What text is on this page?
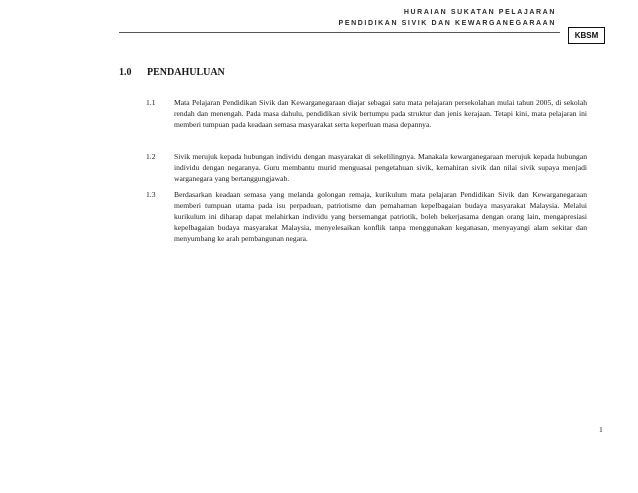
HURAIAN SUKATAN PELAJARAN
PENDIDIKAN SIVIK DAN KEWARGANEGARAAN
KBSM
1.0 PENDAHULUAN
1.1 Mata Pelajaran Pendidikan Sivik dan Kewarganegaraan diajar sebagai satu mata pelajaran persekolahan mulai tahun 2005, di sekolah rendah dan menengah. Pada masa dahulu, pendidikan sivik bertumpu pada struktur dan jenis kerajaan. Tetapi kini, mata pelajaran ini memberi tumpuan pada keadaan semasa masyarakat serta keperluan masa depannya.
1.2 Sivik merujuk kepada hubungan individu dengan masyarakat di sekelilingnya. Manakala kewarganegaraan merujuk kepada hubungan individu dengan negaranya. Guru membantu murid menguasai pengetahuan sivik, kemahiran sivik dan nilai sivik supaya menjadi warganegara yang bertanggungjawab.
1.3 Berdasarkan keadaan semasa yang melanda golongan remaja, kurikulum mata pelajaran Pendidikan Sivik dan Kewarganegaraan memberi tumpuan utama pada isu perpaduan, patriotisme dan pemahaman kepelbagaian budaya masyarakat Malaysia. Melalui kurikulum ini diharap dapat melahirkan individu yang bersemangat patriotik, boleh bekerjasama dengan orang lain, mengapresiasi kepelbagaian budaya masyarakat Malaysia, menyelesaikan konflik tanpa menggunakan keganasan, menyayangi alam sekitar dan menyumbang ke arah pembangunan negara.
1
